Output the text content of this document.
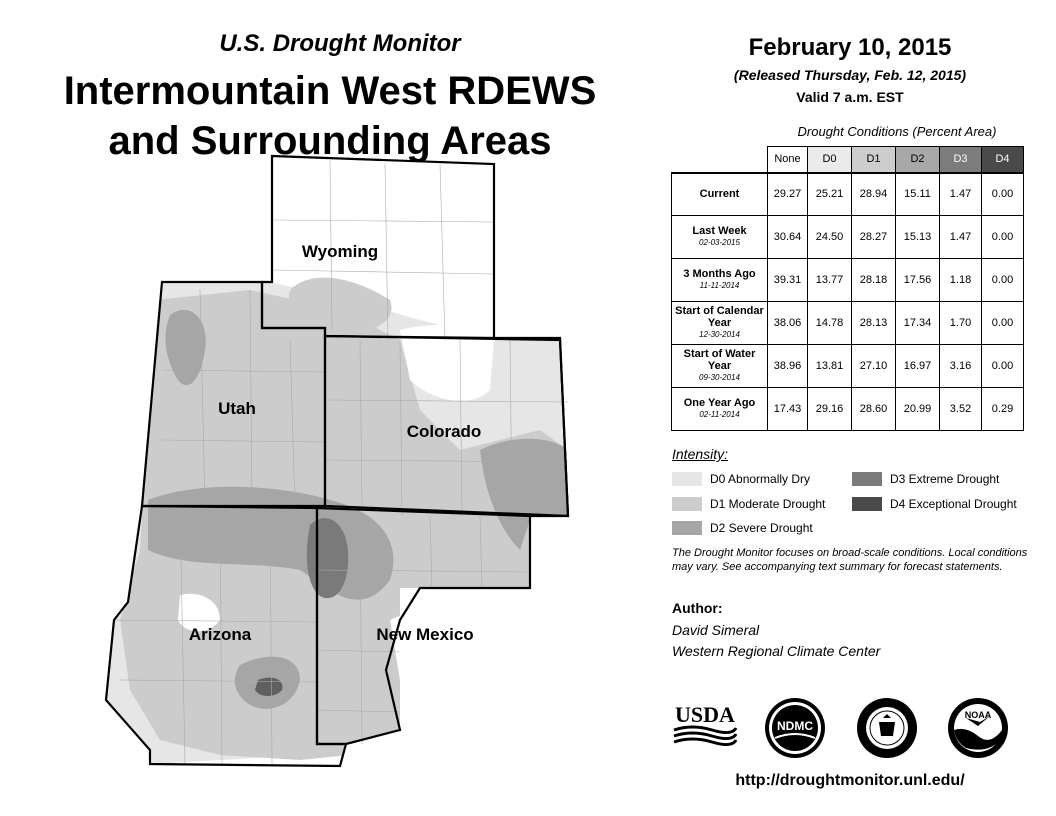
U.S. Drought Monitor
Intermountain West RDEWS
and Surrounding Areas
Wyoming
Utah
Colorado
Arizona	New Mexico
February 10, 2015
(Released Thursday, Feb. 12, 2015)
Valid 7 a.m. EST
Drought Conditions (Percent Area)
	None	D0	D1	D2	D3	D4
Current	29.27	25.21	28.94	15.11	1.47	0.00
Last Week
02-03-2015	30.64	24.50	28.27	15.13	1.47	0.00
3 Months Ago
11-11-2014	39.31	13.77	28.18	17.56	1.18	0.00
Start of Calendar Year
12-30-2014	38.06	14.78	28.13	17.34	1.70	0.00
Start of Water Year
09-30-2014	38.96	13.81	27.10	16.97	3.16	0.00
One Year Ago
02-11-2014	17.43	29.16	28.60	20.99	3.52	0.29
Intensity:
D0 Abnormally Dry
D1 Moderate Drought
D2 Severe Drought
D3 Extreme Drought
D4 Exceptional Drought
The Drought Monitor focuses on broad-scale conditions. Local conditions may vary. See accompanying text summary for forecast statements.
Author:
David Simeral
Western Regional Climate Center
USDA	NDMC
NOAA
http://droughtmonitor.unl.edu/
